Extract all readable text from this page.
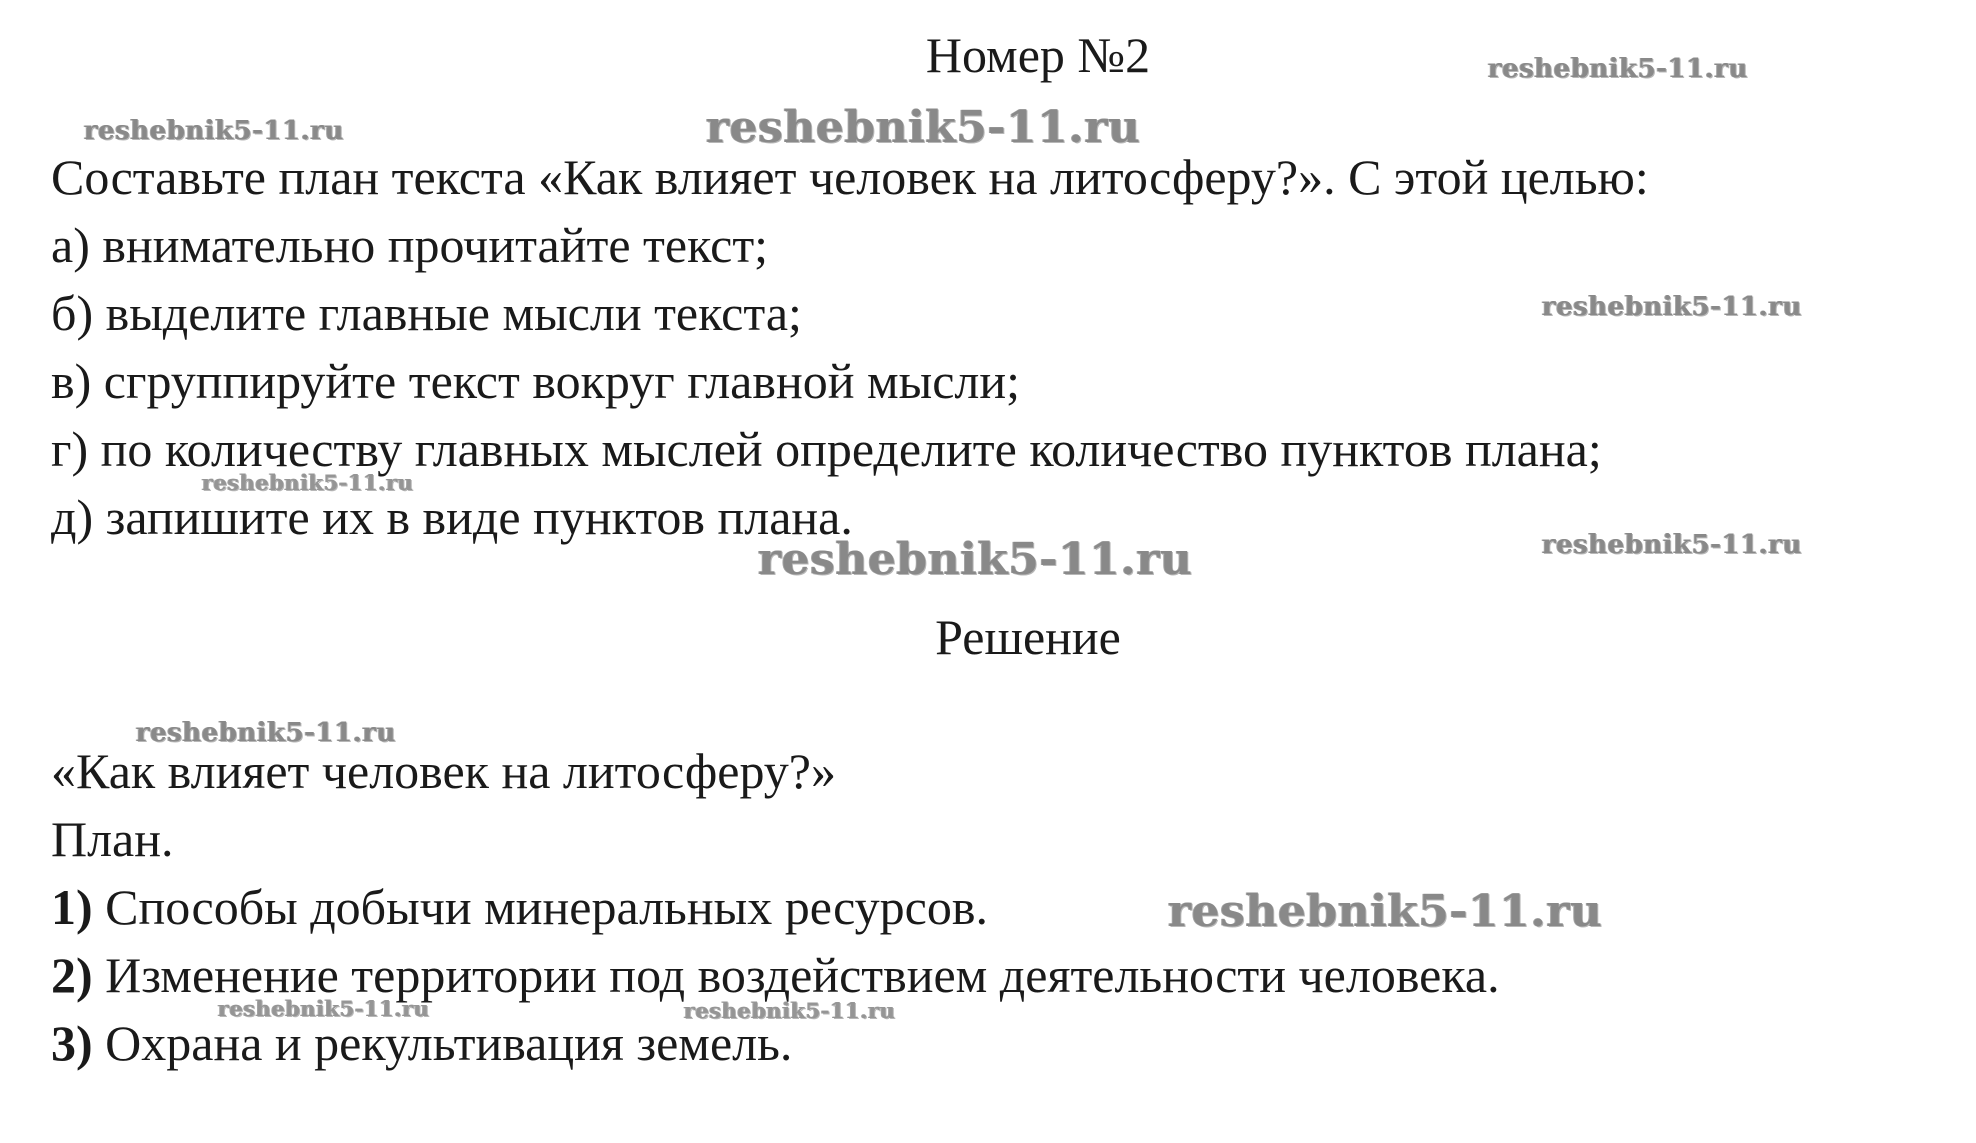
Номер №2
Составьте план текста «Как влияет человек на литосферу?». С этой целью:
а) внимательно прочитайте текст;
б) выделите главные мысли текста;
в) сгруппируйте текст вокруг главной мысли;
г) по количеству главных мыслей определите количество пунктов плана;
д) запишите их в виде пунктов плана.
Решение
«Как влияет человек на литосферу?»
План.
1) Способы добычи минеральных ресурсов.
2) Изменение территории под воздействием деятельности человека.
3) Охрана и рекультивация земель.
reshebnik5-11.ru
reshebnik5-11.ru	reshebnik5-11.ru
reshebnik5-11.ru
reshebnik5-11.ru
reshebnik5-11.ru
reshebnik5-11.ru
reshebnik5-11.ru
reshebnik5-11.ru
reshebnik5-11.ru	reshebnik5-11.ru
